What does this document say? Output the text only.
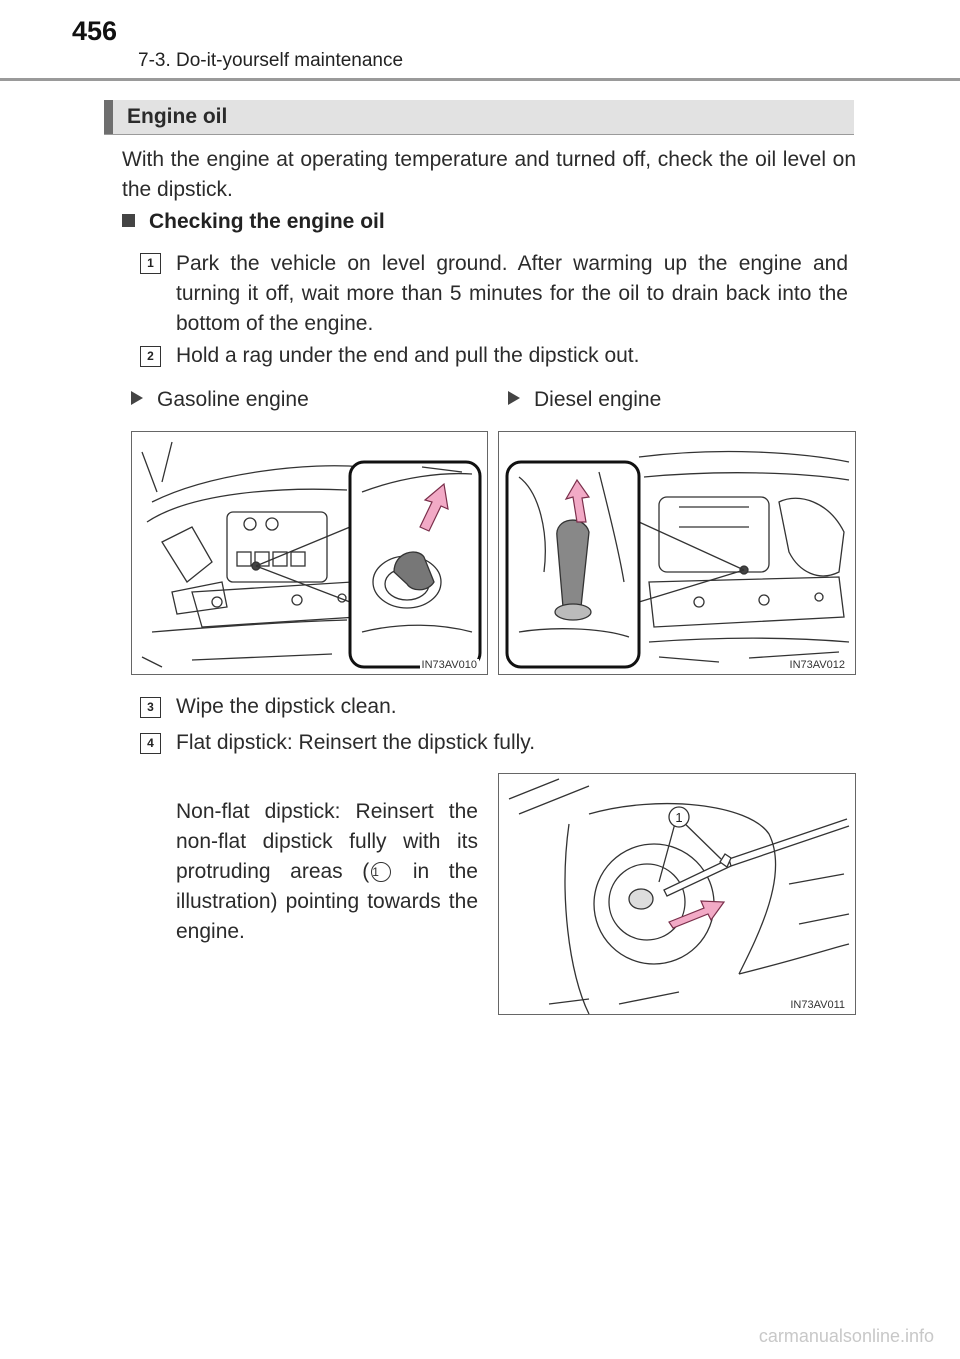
456
7-3. Do-it-yourself maintenance
Engine oil
With the engine at operating temperature and turned off, check the oil level on the dipstick.
Checking the engine oil
1	Park the vehicle on level ground. After warming up the engine and turning it off, wait more than 5 minutes for the oil to drain back into the bottom of the engine.
2	Hold a rag under the end and pull the dipstick out.
Gasoline engine	Diesel engine
IN73AV010	IN73AV012
3	Wipe the dipstick clean.
4	Flat dipstick: Reinsert the dipstick fully.
Non-flat dipstick: Reinsert the non-flat dipstick fully with its protruding areas ( 1 in the illustration) pointing towards the engine.
1
IN73AV011
carmanualsonline.info
